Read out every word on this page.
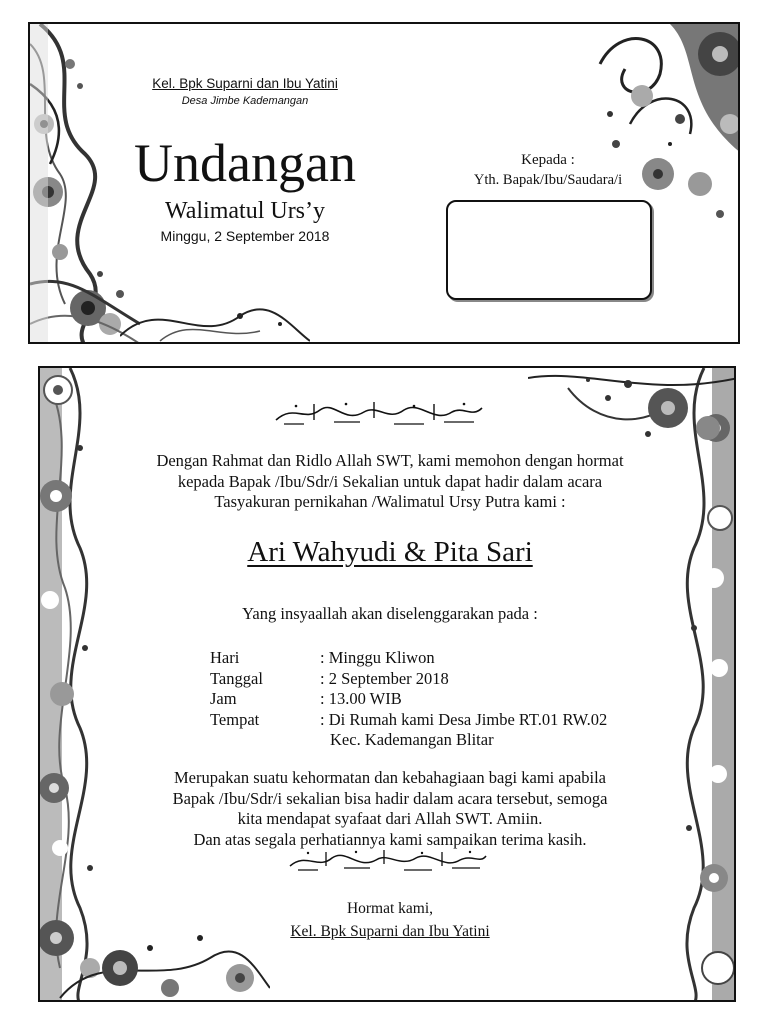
Kel. Bpk Suparni dan Ibu Yatini
Desa Jimbe Kademangan
Undangan
Walimatul Urs’y
Minggu, 2 September 2018
Kepada :
Yth. Bapak/Ibu/Saudara/i
Dengan Rahmat dan Ridlo Allah SWT, kami memohon dengan hormat
kepada Bapak /Ibu/Sdr/i Sekalian untuk dapat hadir dalam acara
Tasyakuran pernikahan /Walimatul Ursy Putra kami :
Ari Wahyudi & Pita Sari
Yang insyaallah akan diselenggarakan pada :
Hari	: Minggu Kliwon
Tanggal	: 2 September 2018
Jam	: 13.00 WIB
Tempat	: Di Rumah kami Desa Jimbe RT.01 RW.02
Kec. Kademangan Blitar
Merupakan suatu kehormatan dan kebahagiaan bagi kami apabila
Bapak /Ibu/Sdr/i sekalian bisa hadir dalam acara tersebut, semoga
kita mendapat syafaat dari Allah SWT. Amiin.
Dan atas segala perhatiannya kami sampaikan terima kasih.
Hormat kami,
Kel. Bpk Suparni dan Ibu Yatini
